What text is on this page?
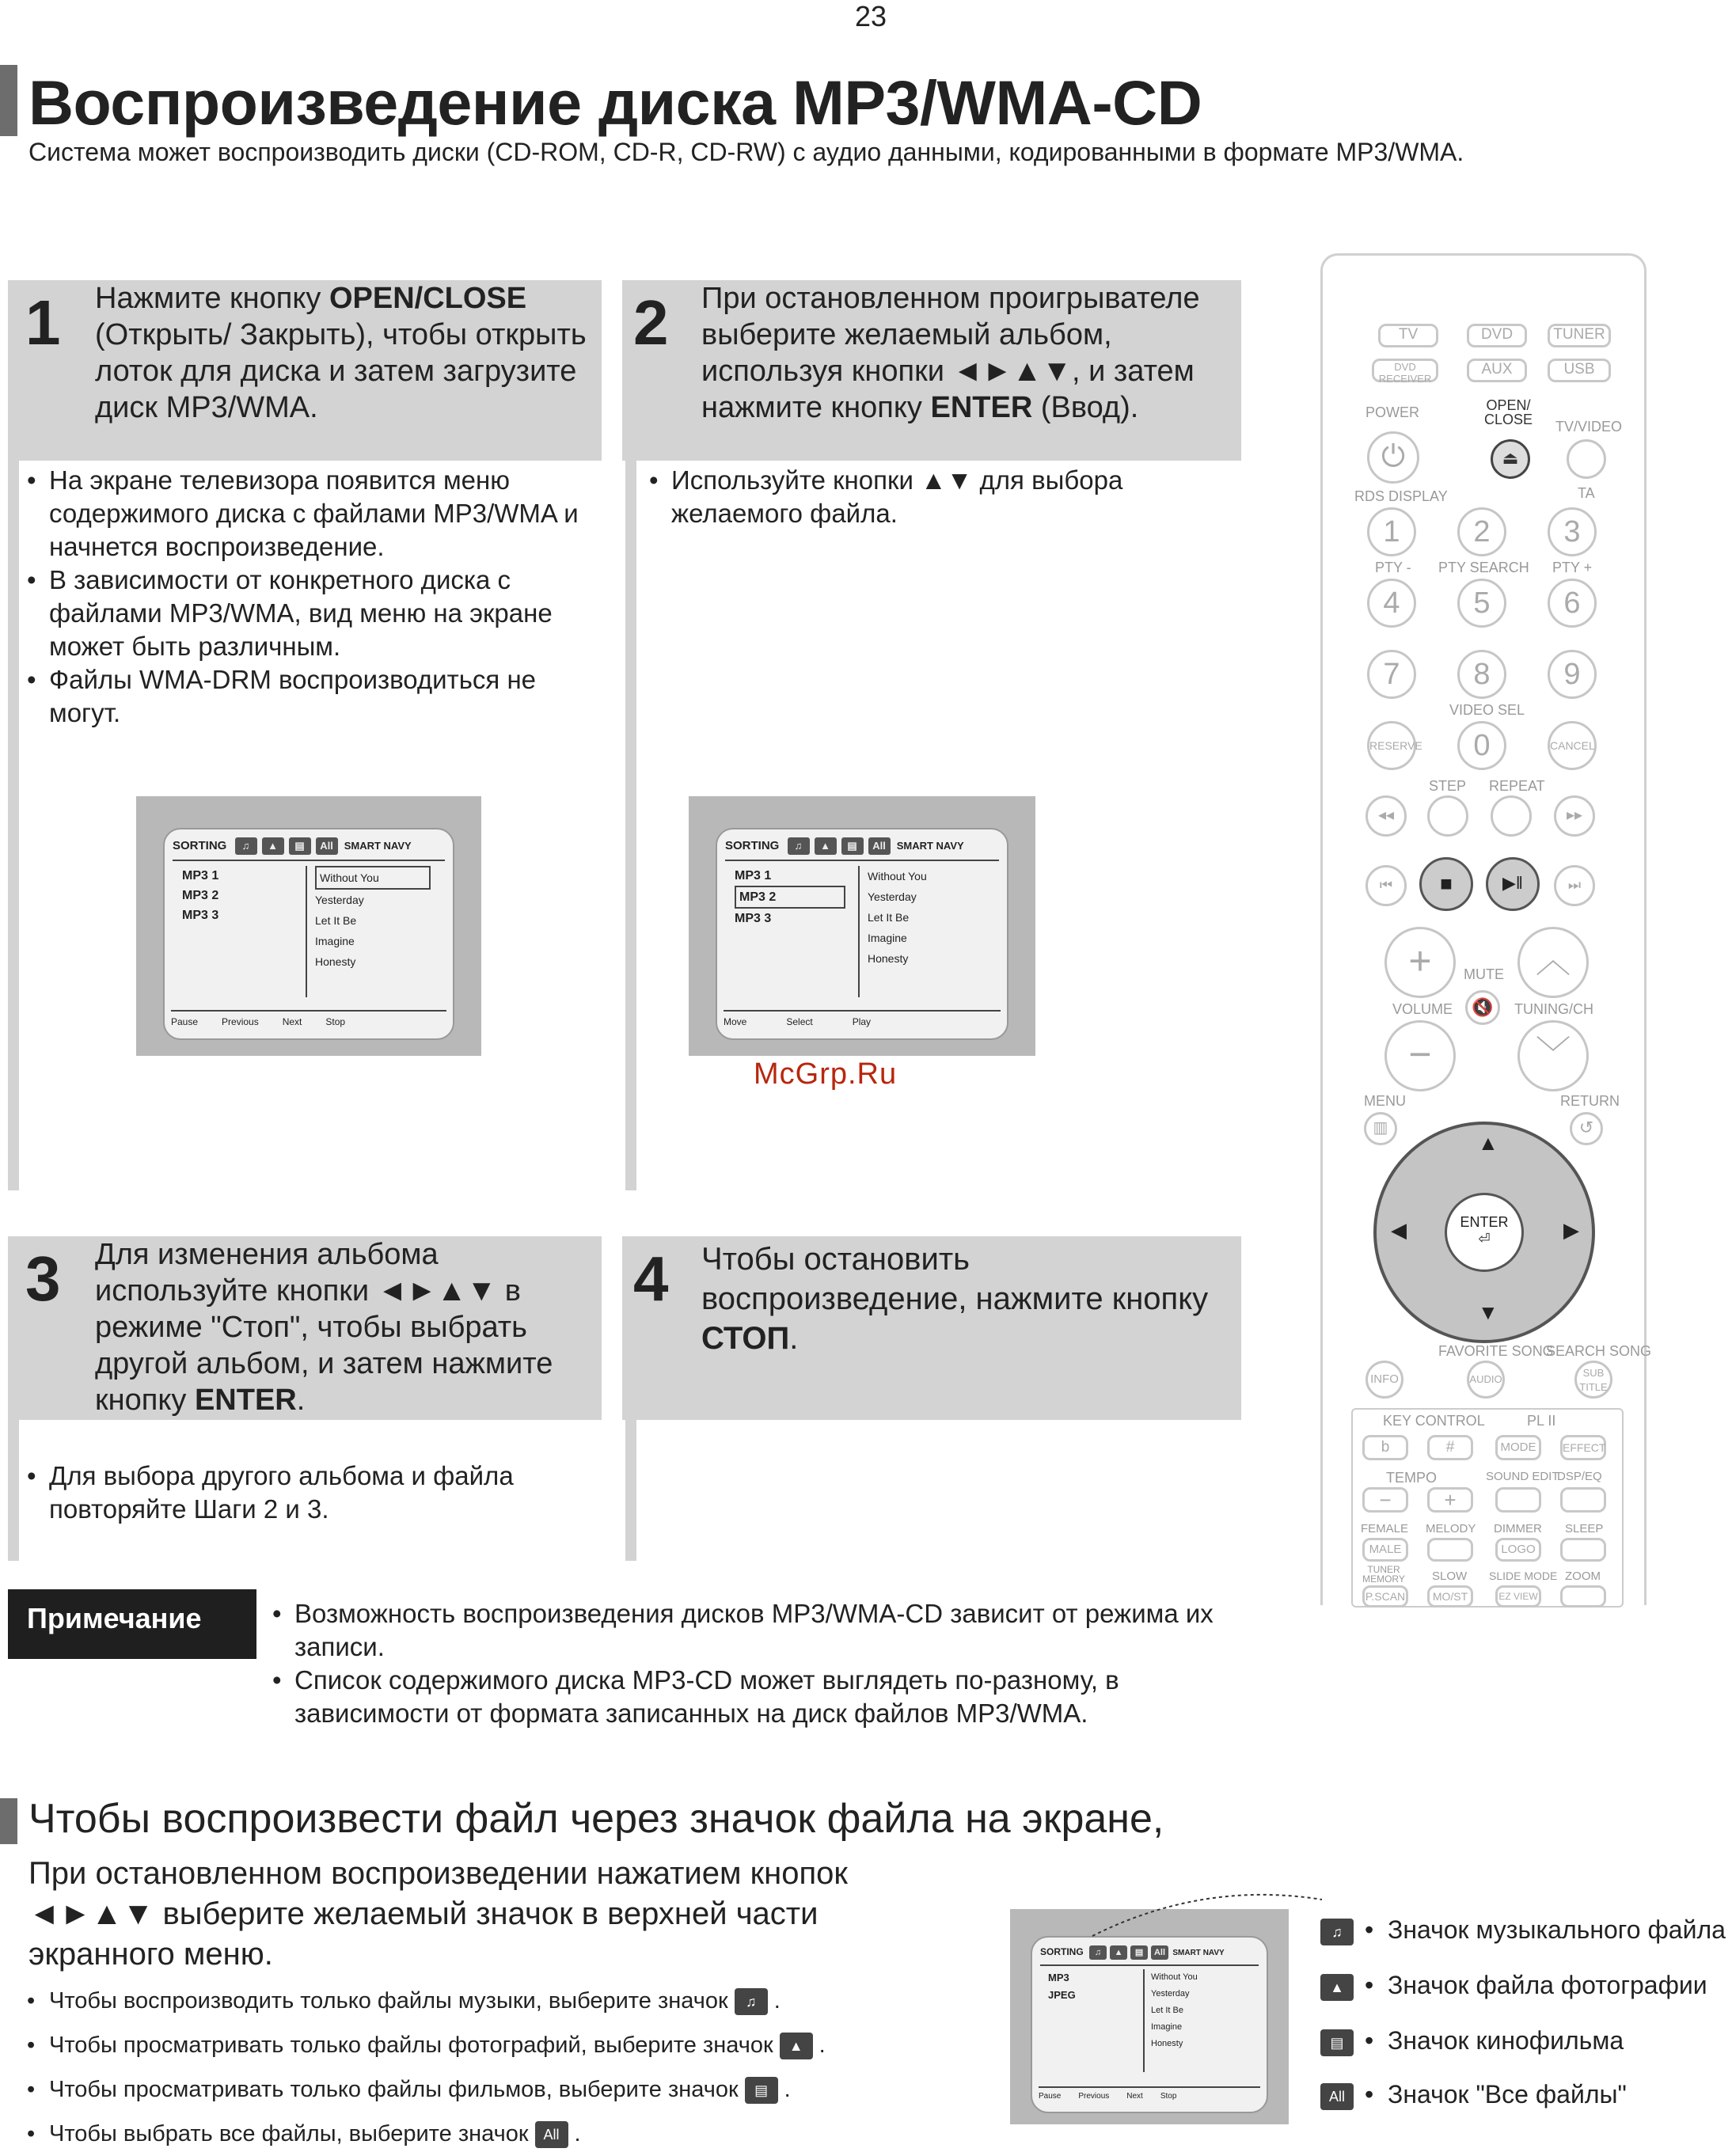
23
Воспроизведение диска MP3/WMA-CD
Система может воспроизводить диски (CD-ROM, CD-R, CD-RW) с аудио данными, кодированными в формате MP3/WMA.
1 Нажмите кнопку OPEN/CLOSE (Открыть/ Закрыть), чтобы открыть лоток для диска и затем загрузите диск MP3/WMA.
• На экране телевизора появится меню содержимого диска с файлами MP3/WMA и начнется воспроизведение.
• В зависимости от конкретного диска с файлами MP3/WMA, вид меню на экране может быть различным.
• Файлы WMA-DRM воспроизводиться не могут.
SORTING ♫ ▲ ▤ All SMART NAVY
MP3 1
MP3 2
MP3 3
Without You
Yesterday
Let It Be
Imagine
Honesty
Pause	Previous	Next	Stop
2 При остановленном проигрывателе выберите желаемый альбом, используя кнопки ◄►▲▼, и затем нажмите кнопку ENTER (Ввод).
• Используйте кнопки ▲▼ для выбора желаемого файла.
SORTING ♫ ▲ ▤ All SMART NAVY
MP3 1
MP3 2
MP3 3
Without You
Yesterday
Let It Be
Imagine
Honesty
Move	Select	Play
McGrp.Ru
3 Для изменения альбома используйте кнопки ◄►▲▼ в режиме "Стоп", чтобы выбрать другой альбом, и затем нажмите кнопку ENTER.
• Для выбора другого альбома и файла повторяйте Шаги 2 и 3.
4 Чтобы остановить воспроизведение, нажмите кнопку СТОП.
Примечание
•	Возможность воспроизведения дисков MP3/WMA-CD зависит от режима их записи.
• Список содержимого диска MP3-CD может выглядеть по-разному, в зависимости от формата записанных на диск файлов MP3/WMA.
TV	DVD	TUNER
DVD RECEIVER
AUX	USB
POWER	OPEN/
CLOSE TV/VIDEO
⏻	⏏
RDS DISPLAY	TA
1	2	3
PTY - PTY SEARCH PTY +
4	5	6
7	8	9
VIDEO SEL
RESERVE	0	CANCEL
STEP REPEAT
◂◂	▸▸
⏮	■	▶‖	⏭
+	︿
MUTE
🔇
VOLUME	TUNING/CH
−	﹀
MENU	RETURN
▥	↺
▲
▼
◀	▶
ENTER
⏎
FAVORITE SONG
SEARCH SONG
INFO	AUDIO
SUB TITLE
KEY CONTROL	PL II
b	#	MODE	EFFECT
TEMPO	SOUND EDIT
DSP/EQ
−	+
FEMALE MELODY DIMMER SLEEP
MALE	LOGO
TUNER MEMORY SLOW SLIDE MODE ZOOM
P.SCAN	MO/ST	EZ VIEW
Чтобы воспроизвести файл через значок файла на экране,
При остановленном воспроизведении нажатием кнопок ◄►▲▼ выберите желаемый значок в верхней части экранного меню.
• Чтобы воспроизводить только файлы музыки, выберите значок ♫ .
• Чтобы просматривать только файлы фотографий, выберите значок ▲ .
• Чтобы просматривать только файлы фильмов, выберите значок ▤ .
• Чтобы выбрать все файлы, выберите значок All .
SORTING ♫ ▲ ▤ All SMART NAVY
MP3
JPEG
Without You
Yesterday
Let It Be
Imagine
Honesty
Pause Previous Next Stop
♫ •  Значок музыкального файла
▲ •  Значок файла фотографии
▤ •  Значок кинофильма
All •  Значок "Все файлы"
